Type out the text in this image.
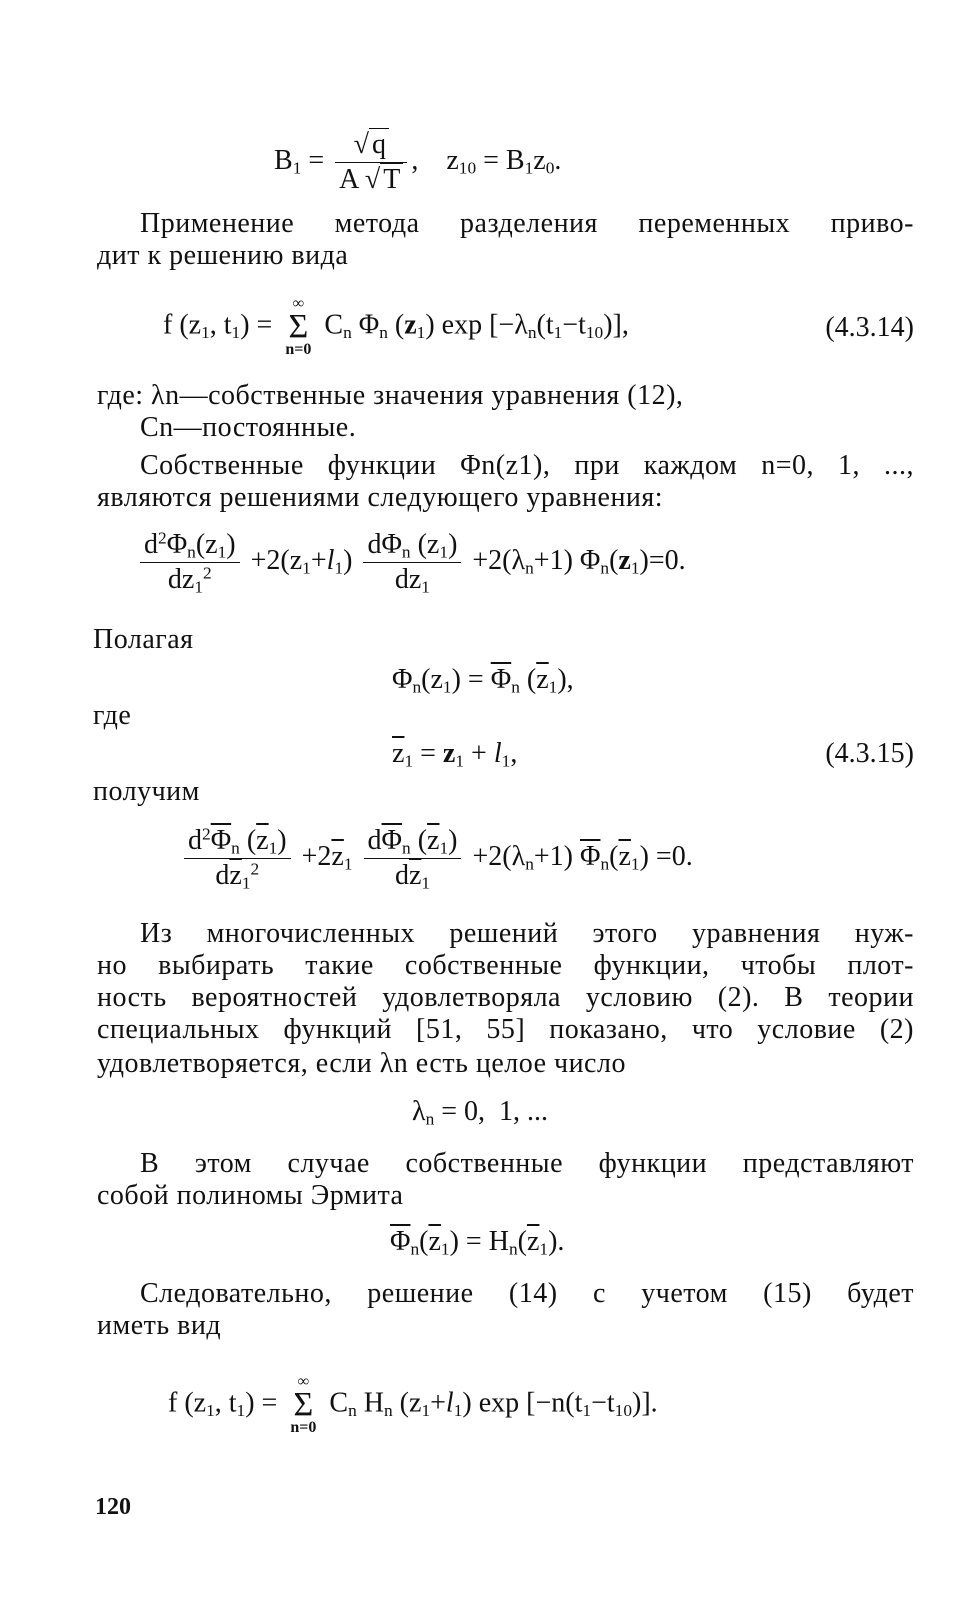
$B_1 = \frac{√ q}{A √ T}$ ,    $z_{10} = B_1z_0$.
Применение метода разделения переменных приво-
дит к решению вида
f ($z_1$, $t_1$) =
∞
Σ
n=0
$C_n$ $\Phi_n$ $(z_1)$ $\exp [-\lambda_n(t_1-t_{10})]$,	(4.3.14)
где: λn—собственные значения уравнения (12),
Cn—постоянные.
Собственные функции Φn(z1), при каждом n=0, 1, ...,
являются решениями следующего уравнения:
$\frac{d^2\Phi_n(z_1)}{dz_1^2} +2(z_1+l_1) \frac{d\Phi_n (z_1)}{dz_1} +2(\lambda_n+1)$ $\Phi_n(z_1)=0$.
Полагая
$\Phi_n(z_1) = \overline{\Phi}_n$ $(\overline{z}_1)$,
где
$\overline{z}_1 = z_1 + l_1$,	(4.3.15)
получим
$\frac{d^2\overline{\Phi}_n (\overline{z}_1)}{d\overline{z}_1^2} +2\overline{z}_1 \frac{d\overline{\Phi}_n (\overline{z}_1)}{d\overline{z}_1} +2(\lambda_n+1)$ $\overline{\Phi}_n(\overline{z}_1) =0$.
Из многочисленных решений этого уравнения нуж-
но выбирать такие собственные функции, чтобы плот-
ность вероятностей удовлетворяла условию (2). В теории
специальных функций [51, 55] показано, что условие (2)
удовлетворяется, если λn есть целое число
$\lambda_n = 0$,  1, ...
В этом случае собственные функции представляют
собой полиномы Эрмита
$\overline{\Phi}_n(\overline{z}_1) = H_n(\overline{z}_1)$.
Следовательно, решение (14) с учетом (15) будет
иметь вид
f ($z_1$, $t_1$) =
∞
Σ
n=0
$C_n$ $H_n$ $(z_1+l_1)$ $\exp [-n(t_1-t_{10})]$.
120
